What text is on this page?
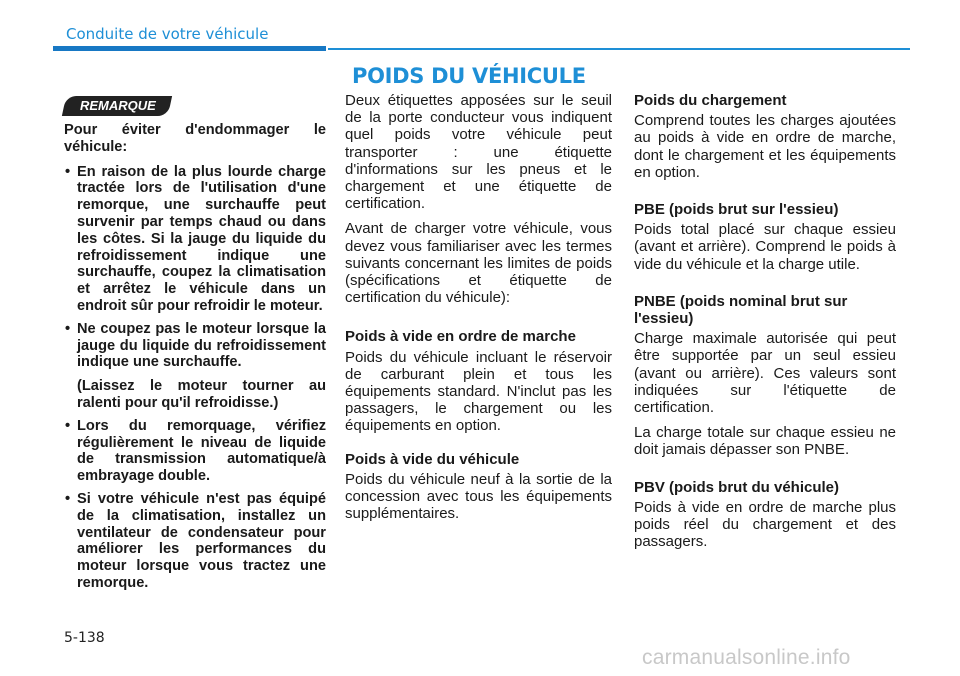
Conduite de votre véhicule
POIDS DU VÉHICULE
REMARQUE

Pour éviter d'endommager le véhicule:

• En raison de la plus lourde charge tractée lors de l'utilisation d'une remorque, une surchauffe peut survenir par temps chaud ou dans les côtes. Si la jauge du liquide du refroidissement indique une surchauffe, coupez la climatisation et arrêtez le véhicule dans un endroit sûr pour refroidir le moteur.
• Ne coupez pas le moteur lorsque la jauge du liquide du refroidissement indique une surchauffe.
(Laissez le moteur tourner au ralenti pour qu'il refroidisse.)
• Lors du remorquage, vérifiez régulièrement le niveau de liquide de transmission automatique/à embrayage double.
• Si votre véhicule n'est pas équipé de la climatisation, installez un ventilateur de condensateur pour améliorer les performances du moteur lorsque vous tractez une remorque.

Deux étiquettes apposées sur le seuil de la porte conducteur vous indiquent quel poids votre véhicule peut transporter : une étiquette d'informations sur les pneus et le chargement et une étiquette de certification.

Avant de charger votre véhicule, vous devez vous familiariser avec les termes suivants concernant les limites de poids (spécifications et étiquette de certification du véhicule):

Poids à vide en ordre de marche

Poids du véhicule incluant le réservoir de carburant plein et tous les équipements standard. N'inclut pas les passagers, le chargement ou les équipements en option.

Poids à vide du véhicule

Poids du véhicule neuf à la sortie de la concession avec tous les équipements supplémentaires.

Poids du chargement

Comprend toutes les charges ajoutées au poids à vide en ordre de marche, dont le chargement et les équipements en option.

PBE (poids brut sur l'essieu)

Poids total placé sur chaque essieu (avant et arrière). Comprend le poids à vide du véhicule et la charge utile.

PNBE (poids nominal brut sur l'essieu)

Charge maximale autorisée qui peut être supportée par un seul essieu (avant ou arrière). Ces valeurs sont indiquées sur l'étiquette de certification.

La charge totale sur chaque essieu ne doit jamais dépasser son PNBE.

PBV (poids brut du véhicule)

Poids à vide en ordre de marche plus poids réel du chargement et des passagers.

5-138
carmanualsonline.info
